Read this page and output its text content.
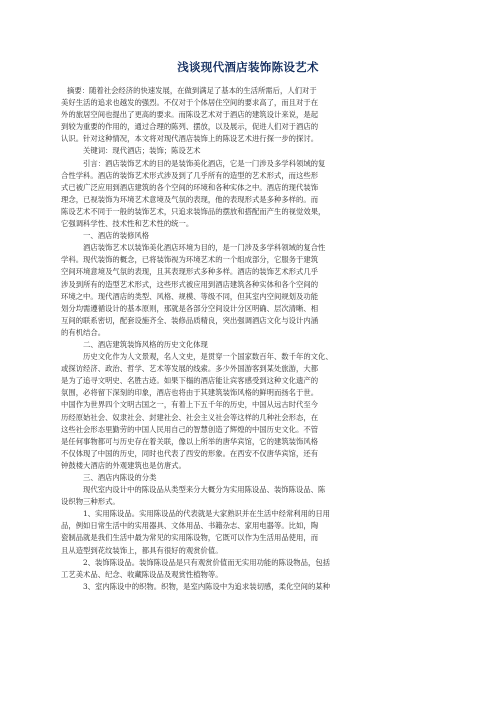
浅谈现代酒店装饰陈设艺术
摘要：随着社会经济的快速发展，在做到满足了基本的生活所需后，人们对于
美好生活的追求也越发的强烈。不仅对于个体居住空间的要求高了，而且对于在
外的旅居空间也提出了更高的要求。而陈设艺术对于酒店的建筑设计来说，是起
到较为重要的作用的，通过合理的陈列、摆放，以及展示，促进人们对于酒店的
认识。针对这种情况，本文将对现代酒店装饰上的陈设艺术进行探一步的探讨。
关键词：现代酒店；装饰；陈设艺术
引言：酒店装饰艺术的目的是装饰美化酒店，它是一门涉及多学科领域的复
合性学科。酒店的装饰艺术形式涉及到了几乎所有的造型的艺术形式，而这些形
式已被广泛应用到酒店建筑的各个空间的环境和各种实体之中。酒店的现代装饰
理念，已视装饰为环境艺术意境及气氛的表现，他的表现形式是多种多样的。而
陈设艺术不同于一般的装饰艺术，只追求装饰品的摆放和搭配而产生的视觉效果，
它强调科学性、技术性和艺术性的统一。
一、酒店的装修风格
酒店装饰艺术以装饰美化酒店环境为目的，是一门涉及多学科领域的复合性
学科。现代装饰的概念，已将装饰视为环境艺术的一个组成部分，它服务于建筑
空间环境意境及气氛的表现，且其表现形式多种多样。酒店的装饰艺术形式几乎
涉及到所有的造型艺术形式，这些形式被应用到酒店建筑各种实体和各个空间的
环境之中。现代酒店的类型、风格、规模、等级不同，但其室内空间规划及功能
划分均需遵循设计的基本原则，那就是各部分空间设计分区明确、层次清晰、相
互间的联系密切，配套设施齐全、装修品质精良，突出强调酒店文化与设计内涵
的有机结合。
二、酒店建筑装饰风格的历史文化体现
历史文化作为人文景观，名人文史，是贯穿一个国家数百年、数千年的文化、
或探访经济、政治、哲学、艺术等发展的线索。多少外国游客到某处旅游，大都
是为了追寻文明史、名胜古迹。如果下榻的酒店能让宾客感受到这种文化遗产的
氛围，必将留下深刻的印象，酒店也将由于其建筑装饰风格的鲜明而扬名于世。
中国作为世界四个文明古国之一，有着上下五千年的历史，中国从远古时代至今
历经原始社会、奴隶社会、封建社会、社会主义社会等这样的几种社会形态，在
这些社会形态里勤劳的中国人民用自己的智慧创造了辉煌的中国历史文化。不管
是任何事物都可与历史存在着关联，像以上所举的唐华宾馆，它的建筑装饰风格
不仅体现了中国的历史，同时也代表了西安的形象。在西安不仅唐华宾馆，还有
钟鼓楼大酒店的外观建筑也是仿唐式。
三、酒店内陈设的分类
现代室内设计中的陈设品从类型来分大概分为实用陈设品、装饰陈设品、陈
设织物三种形式。
1、实用陈设品。实用陈设品的代表就是大家熟识并在生活中经常利用的日用
品，例如日常生活中的实用器具、文体用品、书籍杂志、家用电器等。比如，陶
瓷制品就是我们生活中最为常见的实用陈设物，它既可以作为生活用品使用，而
且从造型到花纹装饰上，都具有很好的观赏价值。
2、装饰陈设品。装饰陈设品是只有观赏价值而无实用功能的陈设物品，包括
工艺美术品、纪念、收藏陈设品及观赏性植物等。
3、室内陈设中的织物。织物，是室内陈设中为追求装切感，柔化空间的某种
